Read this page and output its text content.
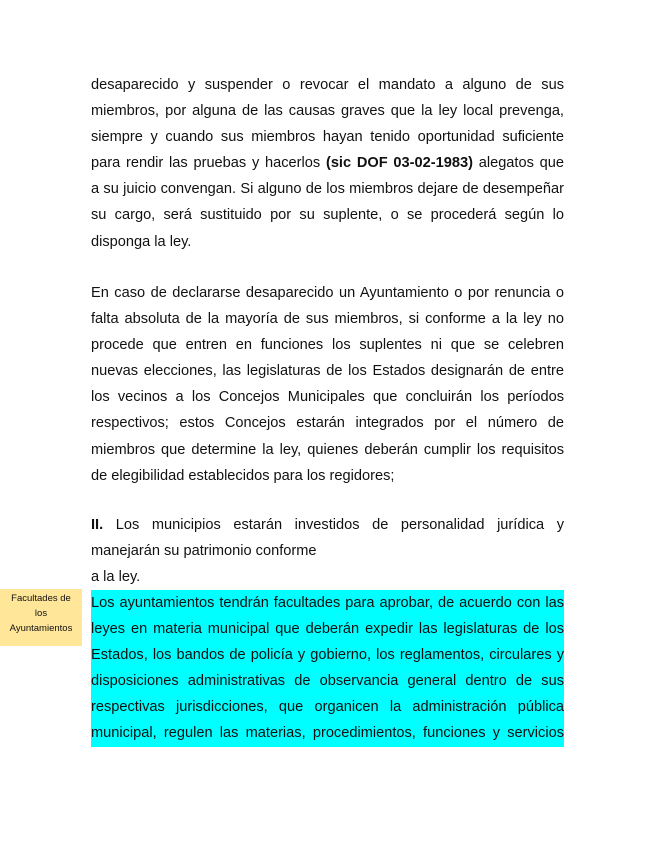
desaparecido y suspender o revocar el mandato a alguno de sus
miembros, por alguna de las causas graves que la ley local prevenga,
siempre y cuando sus miembros hayan tenido oportunidad suficiente
para rendir las pruebas y hacerlos (sic DOF 03-02-1983) alegatos que
a su juicio convengan. Si alguno de los miembros dejare de desempeñar
su cargo, será sustituido por su suplente, o se procederá según lo
disponga la ley.
En caso de declararse desaparecido un Ayuntamiento o por renuncia o
falta absoluta de la mayoría de sus miembros, si conforme a la ley no
procede que entren en funciones los suplentes ni que se celebren
nuevas elecciones, las legislaturas de los Estados designarán de entre
los vecinos a los Concejos Municipales que concluirán los períodos
respectivos; estos Concejos estarán integrados por el número de
miembros que determine la ley, quienes deberán cumplir los requisitos
de elegibilidad establecidos para los regidores;
II. Los municipios estarán investidos de personalidad jurídica y
manejarán su patrimonio conforme
a la ley.
Los ayuntamientos tendrán facultades para aprobar, de acuerdo con las
leyes en materia municipal que deberán expedir las legislaturas de los
Estados, los bandos de policía y gobierno, los reglamentos, circulares y
disposiciones administrativas de observancia general dentro de sus
respectivas jurisdicciones, que organicen la administración pública
municipal, regulen las materias, procedimientos, funciones y servicios
Facultades de
los
Ayuntamientos
